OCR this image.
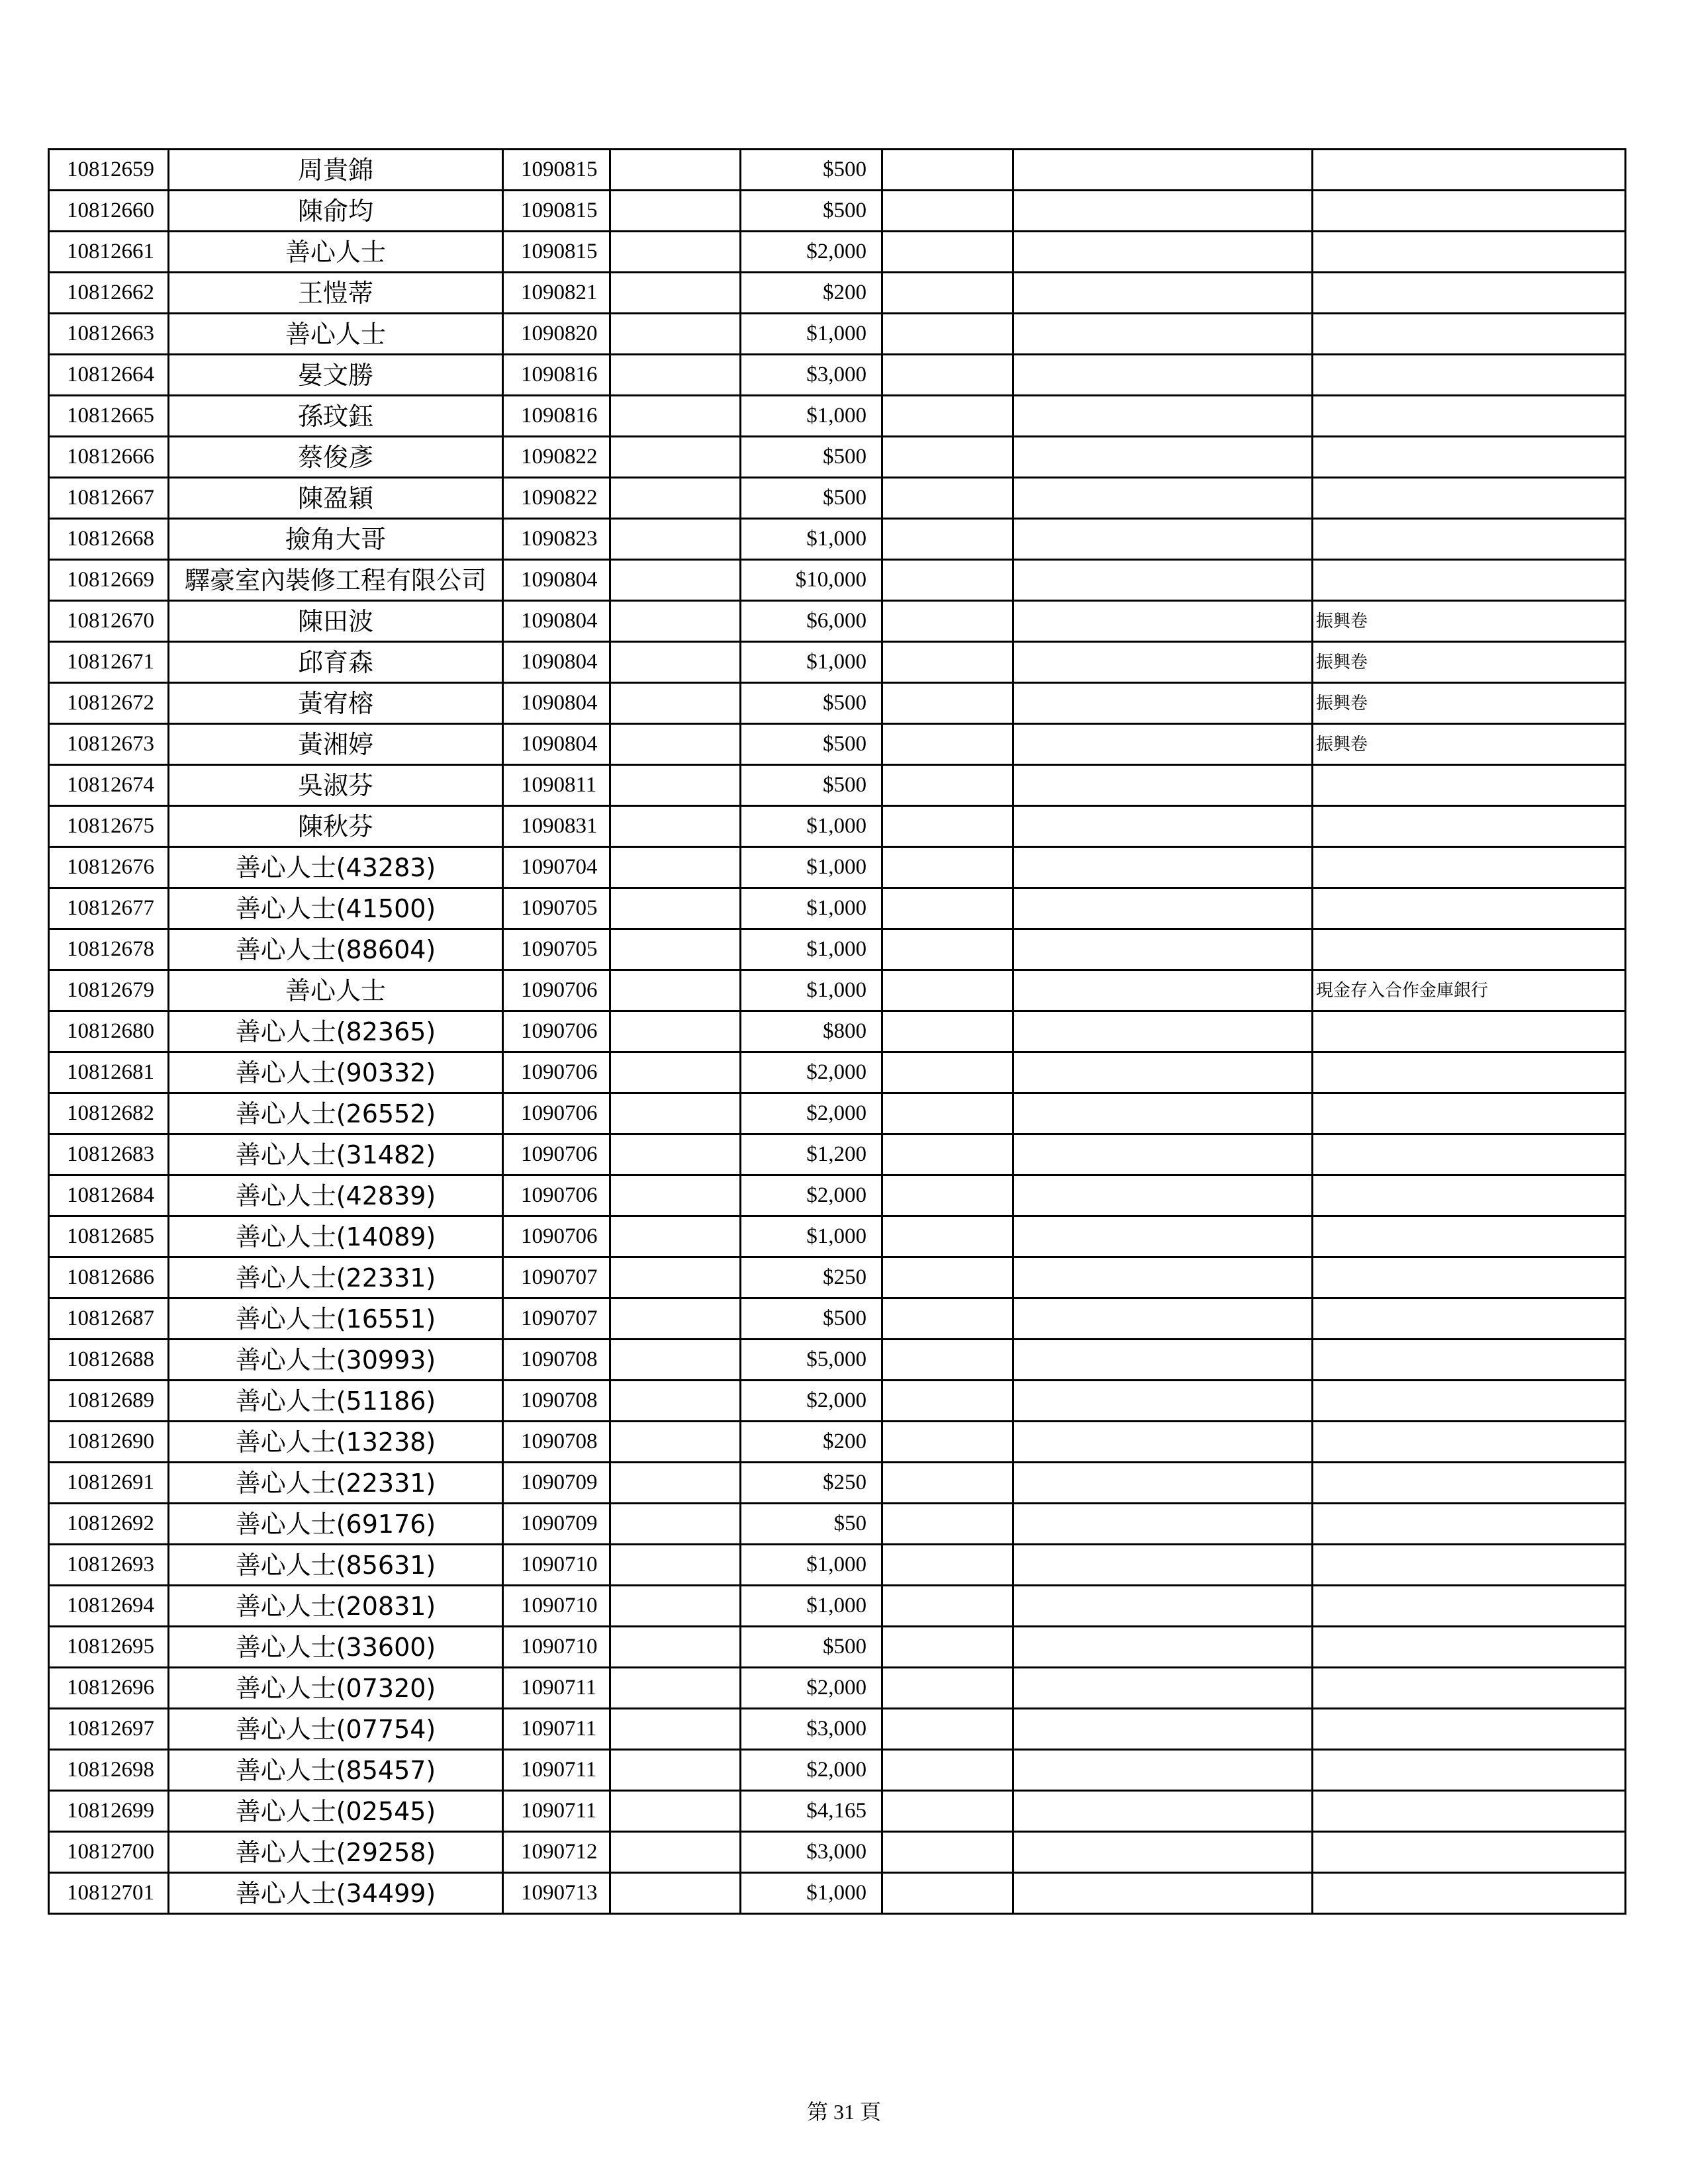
10812659	周貴錦	1090815		$500			
10812660	陳俞均	1090815		$500			
10812661	善心人士	1090815		$2,000			
10812662	王愷蒂	1090821		$200			
10812663	善心人士	1090820		$1,000			
10812664	晏文勝	1090816		$3,000			
10812665	孫玟鈺	1090816		$1,000			
10812666	蔡俊彥	1090822		$500			
10812667	陳盈穎	1090822		$500			
10812668	撿角大哥	1090823		$1,000			
10812669	驛豪室內裝修工程有限公司	1090804		$10,000			
10812670	陳田波	1090804		$6,000			振興卷
10812671	邱育森	1090804		$1,000			振興卷
10812672	黃宥榕	1090804		$500			振興卷
10812673	黃湘婷	1090804		$500			振興卷
10812674	吳淑芬	1090811		$500			
10812675	陳秋芬	1090831		$1,000			
10812676	善心人士(43283)	1090704		$1,000			
10812677	善心人士(41500)	1090705		$1,000			
10812678	善心人士(88604)	1090705		$1,000			
10812679	善心人士	1090706		$1,000			現金存入合作金庫銀行
10812680	善心人士(82365)	1090706		$800			
10812681	善心人士(90332)	1090706		$2,000			
10812682	善心人士(26552)	1090706		$2,000			
10812683	善心人士(31482)	1090706		$1,200			
10812684	善心人士(42839)	1090706		$2,000			
10812685	善心人士(14089)	1090706		$1,000			
10812686	善心人士(22331)	1090707		$250			
10812687	善心人士(16551)	1090707		$500			
10812688	善心人士(30993)	1090708		$5,000			
10812689	善心人士(51186)	1090708		$2,000			
10812690	善心人士(13238)	1090708		$200			
10812691	善心人士(22331)	1090709		$250			
10812692	善心人士(69176)	1090709		$50			
10812693	善心人士(85631)	1090710		$1,000			
10812694	善心人士(20831)	1090710		$1,000			
10812695	善心人士(33600)	1090710		$500			
10812696	善心人士(07320)	1090711		$2,000			
10812697	善心人士(07754)	1090711		$3,000			
10812698	善心人士(85457)	1090711		$2,000			
10812699	善心人士(02545)	1090711		$4,165			
10812700	善心人士(29258)	1090712		$3,000			
10812701	善心人士(34499)	1090713		$1,000			
第 31 頁
